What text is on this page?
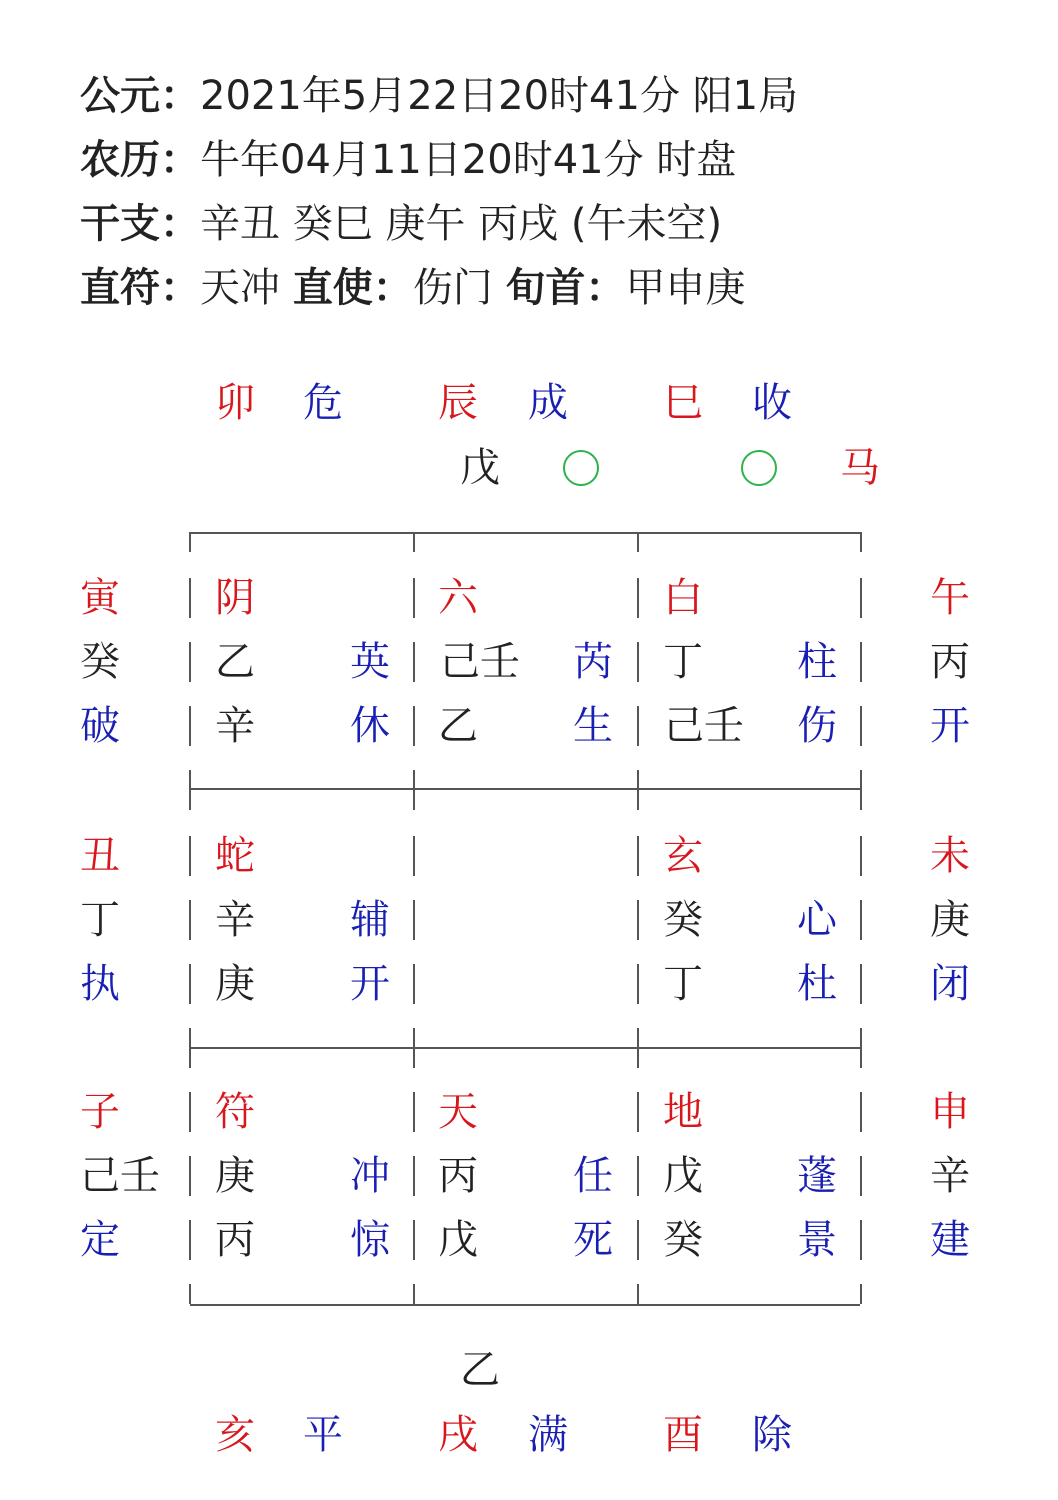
公元：2021年5月22日20时41分 阳1局
农历：牛年04月11日20时41分 时盘
干支：辛丑 癸巳 庚午 丙戌 (午未空)
直符：天冲 直使：伤门 旬首：甲申庚
卯 危 辰 成 巳 收
戊	马
寅
癸
破
丑
丁
执
子
己壬
定
午
丙
开
未
庚
闭
申
辛
建
阴
乙 英
辛 休
六
己壬 芮
乙 生
白
丁 柱
己壬 伤
蛇
辛 辅
庚 开
玄
癸 心
丁 杜
符
庚 冲
丙 惊
天
丙 任
戊 死
地
戊 蓬
癸 景
乙
亥 平 戌 满 酉 除
